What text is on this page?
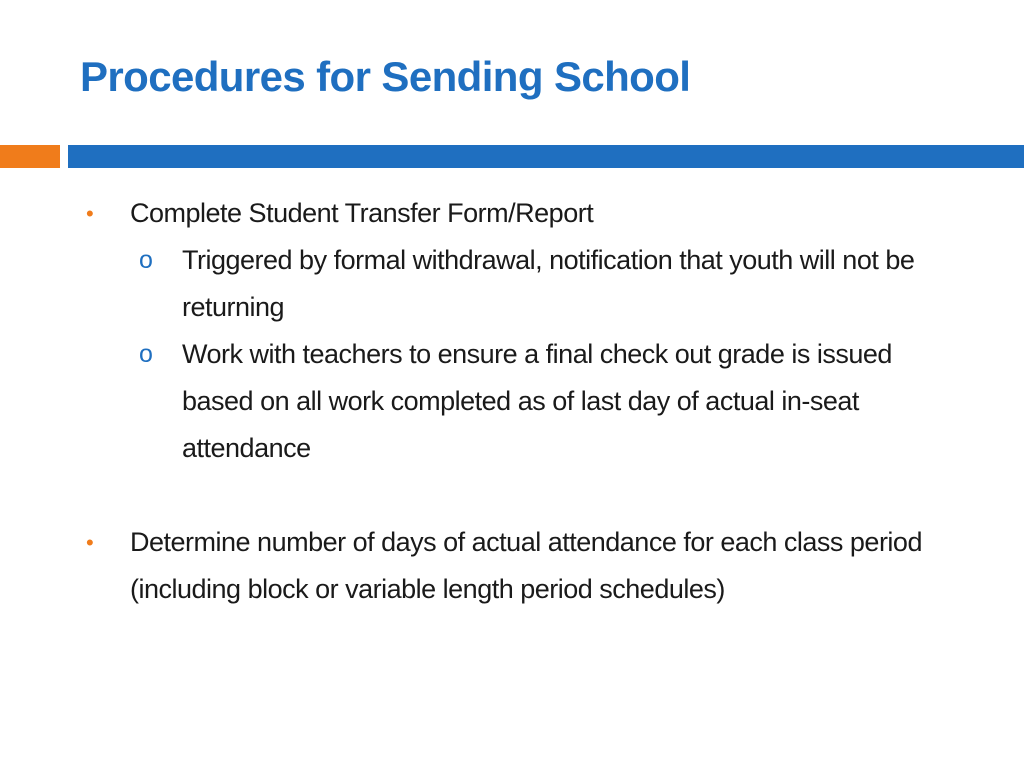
Procedures for Sending School
• Complete Student Transfer Form/Report
o Triggered by formal withdrawal, notification that youth will not be returning
o Work with teachers to ensure a final check out grade is issued based on all work completed as of last day of actual in-seat attendance
• Determine number of days of actual attendance for each class period (including block or variable length period schedules)
